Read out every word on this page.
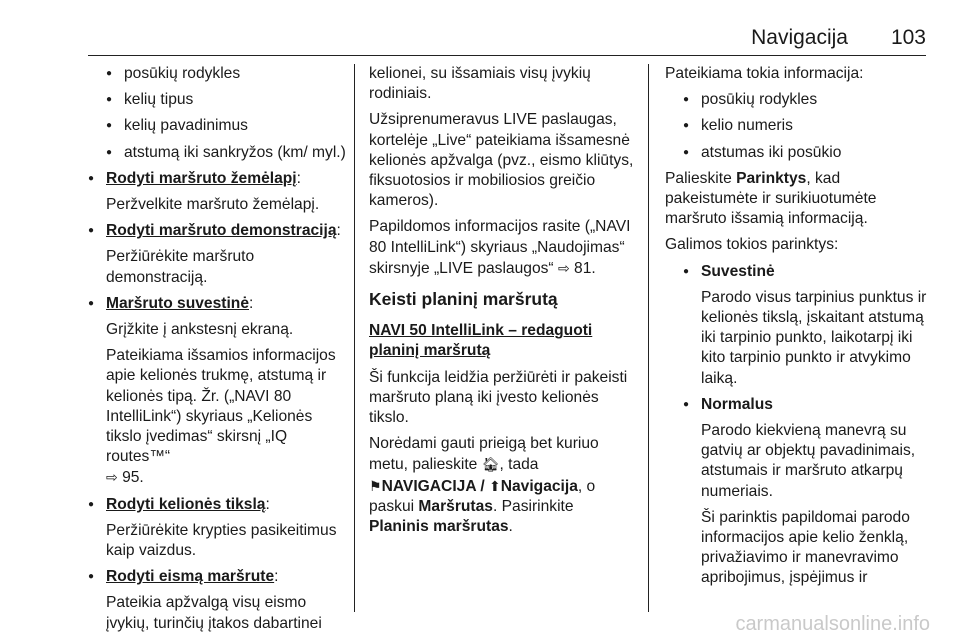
Navigacija 103
● posūkių rodykles
● kelių tipus
● kelių pavadinimus
● atstumą iki sankryžos (km/ myl.)
● Rodyti maršruto žemėlapį:
Peržvelkite maršruto žemėlapį.
● Rodyti maršruto demonstraciją:
Peržiūrėkite maršruto demonstraciją.
● Maršruto suvestinė:
Grįžkite į ankstesnį ekraną.
Pateikiama išsamios informacijos apie kelionės trukmę, atstumą ir kelionės tipą. Žr. („NAVI 80 IntelliLink“) skyriaus „Kelionės tikslo įvedimas“ skirsnį „IQ routes™“
⇨ 95.
● Rodyti kelionės tikslą:
Peržiūrėkite krypties pasikeitimus kaip vaizdus.
● Rodyti eismą maršrute:
Pateikia apžvalgą visų eismo įvykių, turinčių įtakos dabartinei
kelionei, su išsamiais visų įvykių rodiniais.
Užsiprenumeravus LIVE paslaugas, kortelėje „Live“ pateikiama išsamesnė kelionės apžvalga (pvz., eismo kliūtys, fiksuotosios ir mobiliosios greičio kameros).
Papildomos informacijos rasite („NAVI 80 IntelliLink“) skyriaus „Naudojimas“ skirsnyje „LIVE paslaugos“ ⇨ 81.
Keisti planinį maršrutą
NAVI 50 IntelliLink – redaguoti planinį maršrutą
Ši funkcija leidžia peržiūrėti ir pakeisti maršruto planą iki įvesto kelionės tikslo.
Norėdami gauti prieigą bet kuriuo metu, palieskite 🏠︎, tada
⚑NAVIGACIJA / ⬆Navigacija, o paskui Maršrutas. Pasirinkite Planinis maršrutas.
Pateikiama tokia informacija:
● posūkių rodykles
● kelio numeris
● atstumas iki posūkio
Palieskite Parinktys, kad pakeistumėte ir surikiuotumėte maršruto išsamią informaciją.
Galimos tokios parinktys:
● Suvestinė
Parodo visus tarpinius punktus ir kelionės tikslą, įskaitant atstumą iki tarpinio punkto, laikotarpį iki kito tarpinio punkto ir atvykimo laiką.
● Normalus
Parodo kiekvieną manevrą su gatvių ar objektų pavadinimais, atstumais ir maršruto atkarpų numeriais.
Ši parinktis papildomai parodo informacijos apie kelio ženklą, privažiavimo ir manevravimo apribojimus, įspėjimus ir
carmanualsonline.info
